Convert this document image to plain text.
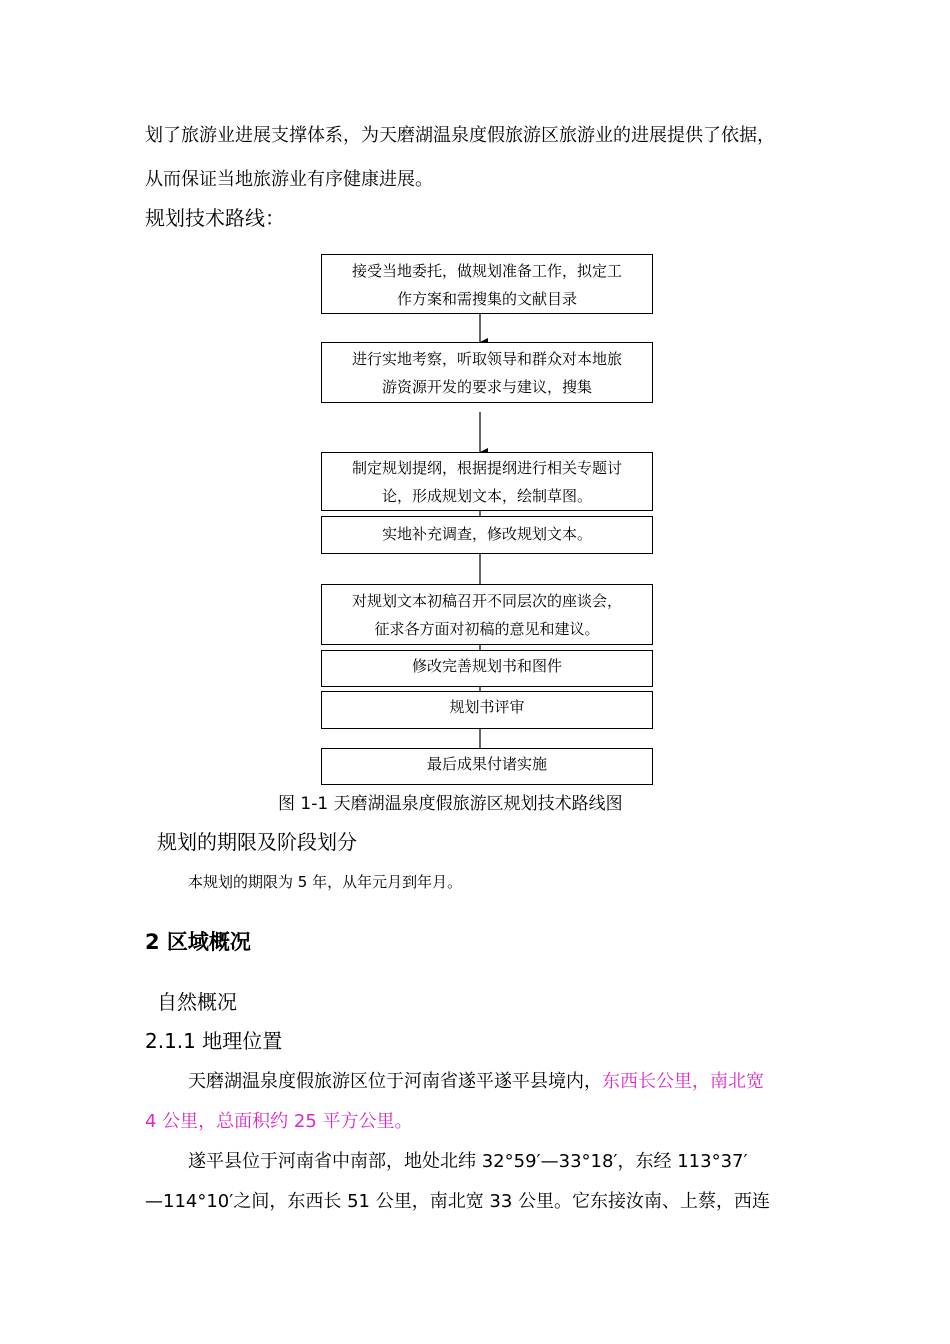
划了旅游业进展支撑体系，为天磨湖温泉度假旅游区旅游业的进展提供了依据，
从而保证当地旅游业有序健康进展。
规划技术路线：
接受当地委托，做规划准备工作，拟定工
作方案和需搜集的文献目录
进行实地考察，听取领导和群众对本地旅
游资源开发的要求与建议，搜集
制定规划提纲，根据提纲进行相关专题讨
论，形成规划文本，绘制草图。
实地补充调查，修改规划文本。
对规划文本初稿召开不同层次的座谈会，
征求各方面对初稿的意见和建议。
修改完善规划书和图件
规划书评审
最后成果付诸实施
图 1-1 天磨湖温泉度假旅游区规划技术路线图
规划的期限及阶段划分
本规划的期限为 5 年，从年元月到年月。
2 区域概况
自然概况
2.1.1 地理位置
天磨湖温泉度假旅游区位于河南省遂平遂平县境内，东西长公里，南北宽
4 公里，总面积约 25 平方公里。
遂平县位于河南省中南部，地处北纬 32°59′—33°18′，东经 113°37′
—114°10′之间，东西长 51 公里，南北宽 33 公里。它东接汝南、上蔡，西连
